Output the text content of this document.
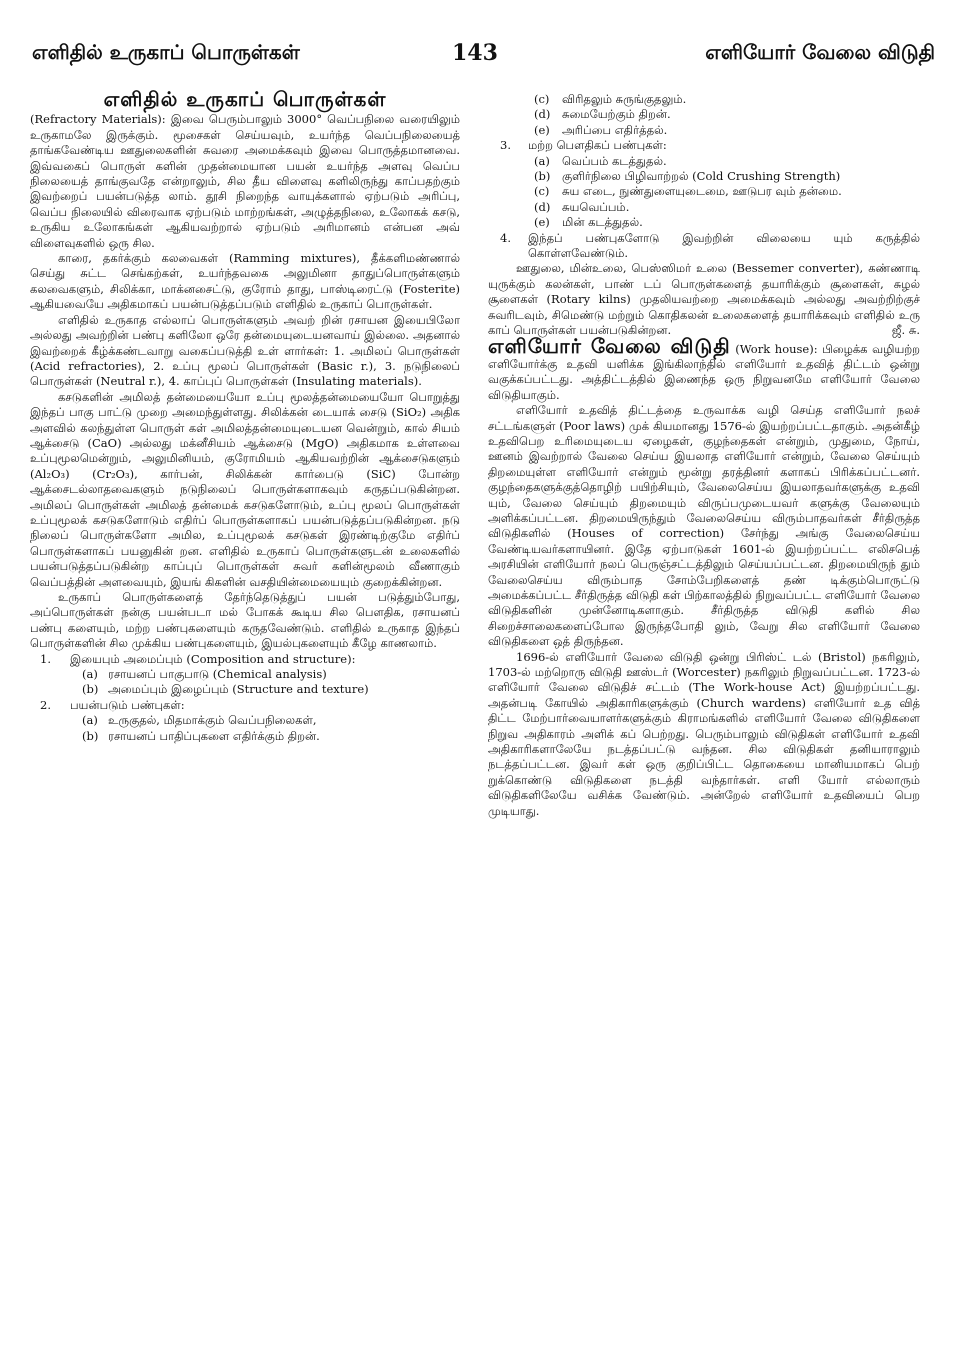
எளிதில் உருகாப் பொருள்கள்	143	எளியோர் வேலை விடுதி
எளிதில் உருகாப் பொருள்கள்

(Refractory Materials): இவை பெரும்பாலும் 3000° வெப்பநிலை வரையிலும் உருகாமலே இருக்கும். மூசைகள் செய்யவும், உயர்ந்த வெப்பநிலையைத் தாங்கவேண்டிய ஊதுலைகளின் சுவரை அமைக்கவும் இவை பொருத்தமானவை. இவ்வகைப் பொருள் களின் முதன்மையான பயன் உயர்ந்த அளவு வெப்ப நிலையைத் தாங்குவதே என்றாலும், சில தீய விளைவு களிலிருந்து காப்பதற்கும் இவற்றைப் பயன்படுத்த லாம். தூசி நிறைந்த வாயுக்களால் ஏற்படும் அரிப்பு, வெப்ப நிலையில் விரைவாக ஏற்படும் மாற்றங்கள், அழுத்தநிலை, உலோகக் கசடு, உருகிய உலோகங்கள் ஆகியவற்றால் ஏற்படும் அரிமானம் என்பன அவ் விளைவுகளில் ஒரு சில.

காரை, தகர்க்கும் கலவைகள் (Ramming mixtures), தீக்களிமண்ணால் செய்து சுட்ட செங்கற்கள், உயர்ந்தவகை அலுமினா தாதுப்பொருள்களும் கலவைகளும், சிலிக்கா, மாக்னசைட்டு, குரோம் தாது, பாஸ்டிரைட்டு (Fosterite) ஆகியவையே அதிகமாகப் பயன்படுத்தப்படும் எளிதில் உருகாப் பொருள்கள்.

எளிதில் உருகாத எல்லாப் பொருள்களும் அவற் றின் ரசாயன இயைபிலோ அல்லது அவற்றின் பண்பு களிலோ ஒரே தன்மையுடையனவாய் இல்லை. அதனால் இவற்றைக் கீழ்க்கண்டவாறு வகைப்படுத்தி உள் ளார்கள்: 1. அமிலப் பொருள்கள் (Acid refractories), 2. உப்பு மூலப் பொருள்கள் (Basic r.), 3. நடுநிலைப் பொருள்கள் (Neutral r.), 4. காப்புப் பொருள்கள் (Insulating materials).

கசடுகளின் அமிலத் தன்மையையோ உப்பு மூலத்தன்மையையோ பொறுத்து இந்தப் பாகு பாட்டு முறை அமைந்துள்ளது. சிலிக்கன் டையாக் சைடு (SiO₂) அதிக அளவில் கலந்துள்ள பொருள் கள் அமிலத்தன்மையுடையன வென்றும், கால் சியம் ஆக்சைடு (CaO) அல்லது மக்னீசியம் ஆக்சைடு (MgO) அதிகமாக உள்ளவை உப்புமூலமென்றும், அலுமினியம், குரோமியம் ஆகியவற்றின் ஆக்சைடுகளும் (Al₂O₃) (Cr₂O₃), கார்பன், சிலிக்கன் கார்பைடு (SiC) போன்ற ஆக்சைடல்லாதவைகளும் நடுநிலைப் பொருள்களாகவும் கருதப்படுகின்றன. அமிலப் பொருள்கள் அமிலத் தன்மைக் கசடுகளோடும், உப்பு மூலப் பொருள்கள் உப்புமூலக் கசடுகளோடும் எதிர்ப் பொருள்களாகப் பயன்படுத்தப்படுகின்றன. நடு நிலைப் பொருள்களோ அமில, உப்புமூலக் கசடுகள் இரண்டிற்குமே எதிர்ப் பொருள்களாகப் பயனுகின் றன. எளிதில் உருகாப் பொருள்களுடன் உலைகளில் பயன்படுத்தப்படுகின்ற காப்புப் பொருள்கள் சுவர் களின்மூலம் வீணாகும் வெப்பத்தின் அளவையும், இயங் கிகளின் வசதியின்மையையும் குறைக்கின்றன.

உருகாப் பொருள்களைத் தேர்ந்தெடுத்துப் பயன் படுத்தும்போது, அப்பொருள்கள் நன்கு பயன்படா மல் போகக் கூடிய சில பௌதிக, ரசாயனப் பண்பு களையும், மற்ற பண்புகளையும் கருதவேண்டும். எளிதில் உருகாத இந்தப் பொருள்களின் சில முக்கிய பண்புகளையும், இயல்புகளையும் கீழே காணலாம்.

1. இயைபும் அமைப்பும் (Composition and structure):
(a) ரசாயனப் பாகுபாடு (Chemical analysis)
(b) அமைப்பும் இழைப்பும் (Structure and texture)
2. பயன்படும் பண்புகள்:
(a) உருகுதல், மிதமாக்கும் வெப்பநிலைகள்,
(b) ரசாயனப் பாதிப்புகளை எதிர்க்கும் திறன்.
(c) விரிதலும் சுருங்குதலும்.
(d) சுமையேற்கும் திறன்.
(e) அரிப்பை எதிர்த்தல்.
3. மற்ற பௌதிகப் பண்புகள்:
(a) வெப்பம் கடத்துதல்.
(b) குளிர்நிலை பிழிவாற்றல் (Cold Crushing Strength)
(c) சுய எடை, நுண்துளையுடைமை, ஊடுபர வும் தன்மை.
(d) சுயவெப்பம்.
(e) மின் கடத்துதல்.
4. இந்தப் பண்புகளோடு இவற்றின் விலையை யும் கருத்தில் கொள்ளவேண்டும்.

ஊதுலை, மின்உலை, பெஸ்ஸிமர் உலை (Bessemer converter), கண்ணாடி யுருக்கும் கலன்கள், பாண் டப் பொருள்களைத் தயாரிக்கும் சூளைகள், சுழல் சூளைகள் (Rotary kilns) முதலியவற்றை அமைக்கவும் அல்லது அவற்றிற்குச் சுவரிடவும், சிமெண்டு மற்றும் கொதிகலன் உலைகளைத் தயாரிக்கவும் எளிதில் உரு காப் பொருள்கள் பயன்படுகின்றன.	ஜீ. சு.

எளியோர் வேலை விடுதி (Work house): பிழைக்க வழியற்ற எளியோர்க்கு உதவி யளிக்க இங்கிலாந்தில் எளியோர் உதவித் திட்டம் ஒன்று வகுக்கப்பட்டது. அத்திட்டத்தில் இணைந்த ஒரு நிறுவனமே எளியோர் வேலை விடுதியாகும்.

எளியோர் உதவித் திட்டத்தை உருவாக்க வழி செய்த எளியோர் நலச் சட்டங்களுள் (Poor laws) முக் கியமானது 1576-ல் இயற்றப்பட்டதாகும். அதன்கீழ் உதவிபெற உரிமையுடைய ஏழைகள், குழந்தைகள் என்றும், முதுமை, நோய், ஊனம் இவற்றால் வேலை செய்ய இயலாத எளியோர் என்றும், வேலை செய்யும் திறமையுள்ள எளியோர் என்றும் மூன்று தரத்தினர் களாகப் பிரிக்கப்பட்டனர். குழந்தைகளுக்குத்தொழிற் பயிற்சியும், வேலைசெய்ய இயலாதவர்களுக்கு உதவி யும், வேலை செய்யும் திறமையும் விருப்பமுடையவர் களுக்கு வேலையும் அளிக்கப்பட்டன. திறமையிருந்தும் வேலைசெய்ய விரும்பாதவர்கள் சீர்திருத்த விடுதிகளில் (Houses of correction) சேர்ந்து அங்கு வேலைசெய்ய வேண்டியவர்களாயினர். இதே ஏற்பாடுகள் 1601-ல் இயற்றப்பட்ட எலிசபெத் அரசியின் எளியோர் நலப் பெருஞ்சட்டத்திலும் செய்யப்பட்டன. திறமையிருந் தும் வேலைசெய்ய விரும்பாத சோம்பேறிகளைத் தண் டிக்கும்பொருட்டு அமைக்கப்பட்ட சீர்திருத்த விடுதி கள் பிற்காலத்தில் நிறுவப்பட்ட எளியோர் வேலை விடுதிகளின் முன்னோடிகளாகும். சீர்திருத்த விடுதி களில் சில சிறைச்சாலைகளைப்போல இருந்தபோதி லும், வேறு சில எளியோர் வேலை விடுதிகளை ஒத் திருந்தன.

1696-ல் எளியோர் வேலை விடுதி ஒன்று பிரிஸ்ட் டல் (Bristol) நகரிலும், 1703-ல் மற்றொரு விடுதி ஊஸ்டர் (Worcester) நகரிலும் நிறுவப்பட்டன. 1723-ல் எளியோர் வேலை விடுதிச் சட்டம் (The Work-house Act) இயற்றப்பட்டது. அதன்படி கோயில் அதிகாரிகளுக்கும் (Church wardens) எளியோர் உத வித் திட்ட மேற்பார்வையாளர்களுக்கும் கிராமங்களில் எளியோர் வேலை விடுதிகளை நிறுவ அதிகாரம் அளிக் கப் பெற்றது. பெரும்பாலும் விடுதிகள் எளியோர் உதவி அதிகாரிகளாலேயே நடத்தப்பட்டு வந்தன. சில விடுதிகள் தனியாராலும் நடத்தப்பட்டன. இவர் கள் ஒரு குறிப்பிட்ட தொகையை மானியமாகப் பெற் றுக்கொண்டு விடுதிகளை நடத்தி வந்தார்கள். எளி யோர் எல்லாரும் விடுதிகளிலேயே வசிக்க வேண்டும். அன்றேல் எளியோர் உதவியைப் பெற முடியாது.
